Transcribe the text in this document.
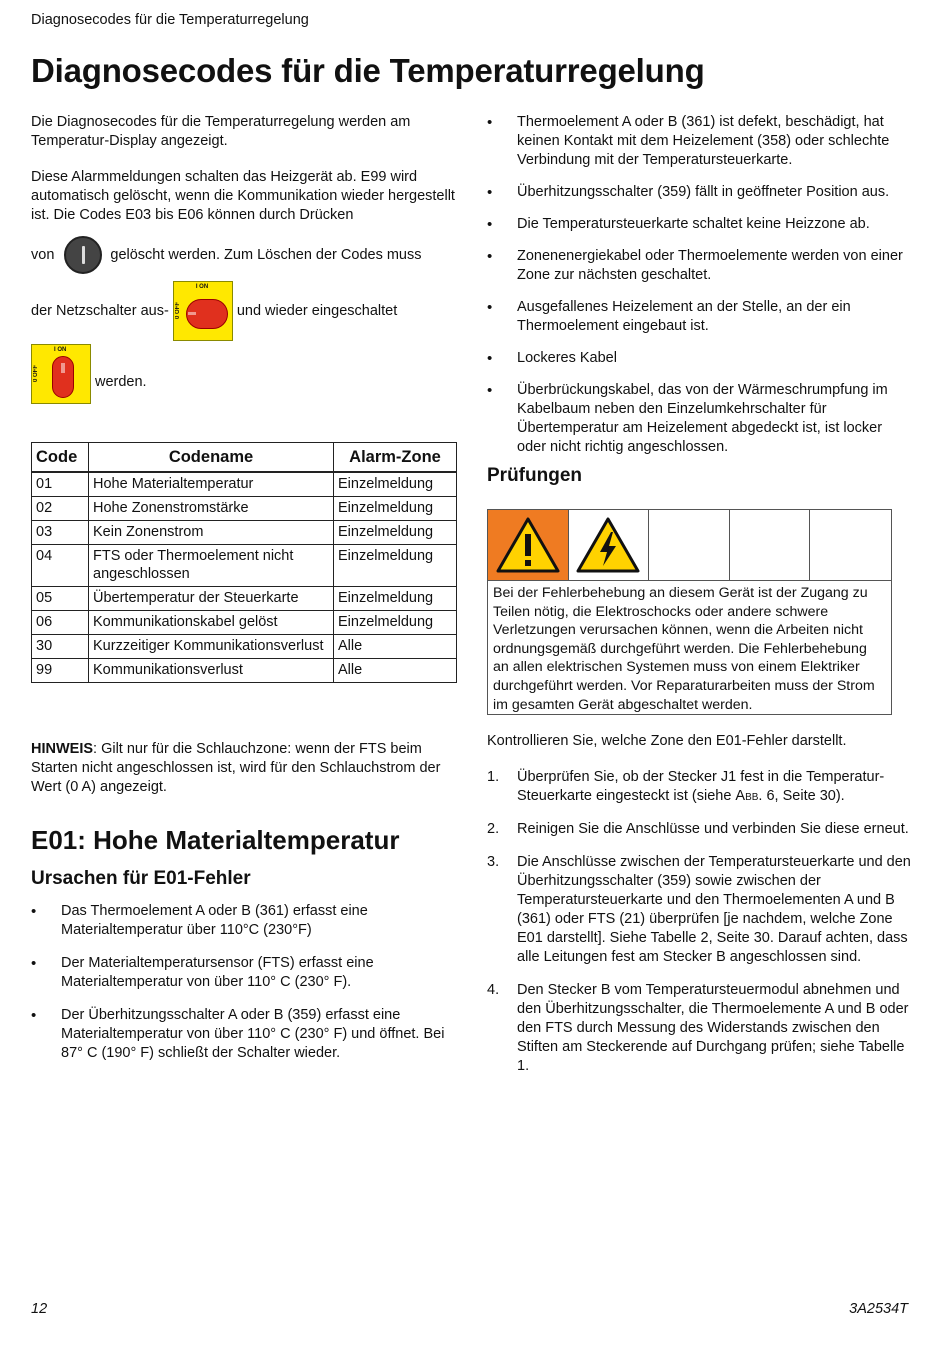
Diagnosecodes für die Temperaturregelung
Diagnosecodes für die Temperaturregelung

Die Diagnosecodes für die Temperaturregelung werden am Temperatur-Display angezeigt.

Diese Alarmmeldungen schalten das Heizgerät ab. E99 wird automatisch gelöscht, wenn die Kommunikation wieder hergestellt ist. Die Codes E03 bis E06 können durch Drücken

von	gelöscht werden. Zum Löschen der Codes muss
der Netzschalter aus-
I ON
0 OFF	und wieder eingeschaltet
I ON
0 OFF	werden.
Code	Codename	Alarm-Zone
01	Hohe Materialtemperatur	Einzelmeldung
02	Hohe Zonenstromstärke	Einzelmeldung
03	Kein Zonenstrom	Einzelmeldung
04	FTS oder Thermoelement nicht angeschlossen	Einzelmeldung
05	Übertemperatur der Steuerkarte	Einzelmeldung
06	Kommunikationskabel gelöst	Einzelmeldung
30	Kurzzeitiger Kommunikationsverlust	Alle
99	Kommunikationsverlust	Alle

HINWEIS: Gilt nur für die Schlauchzone: wenn der FTS beim Starten nicht angeschlossen ist, wird für den Schlauchstrom der Wert (0 A) angezeigt.

E01: Hohe Materialtemperatur
Ursachen für E01-Fehler
• Das Thermoelement A oder B (361) erfasst eine Materialtemperatur über 110°C (230°F)
• Der Materialtemperatursensor (FTS) erfasst eine Materialtemperatur von über 110° C (230° F).
• Der Überhitzungsschalter A oder B (359) erfasst eine Materialtemperatur von über 110° C (230° F) und öffnet. Bei 87° C (190° F) schließt der Schalter wieder.
• Thermoelement A oder B (361) ist defekt, beschädigt, hat keinen Kontakt mit dem Heizelement (358) oder schlechte Verbindung mit der Temperatursteuerkarte.
• Überhitzungsschalter (359) fällt in geöffneter Position aus.
• Die Temperatursteuerkarte schaltet keine Heizzone ab.
• Zonenenergiekabel oder Thermoelemente werden von einer Zone zur nächsten geschaltet.
• Ausgefallenes Heizelement an der Stelle, an der ein Thermoelement eingebaut ist.
• Lockeres Kabel
• Überbrückungskabel, das von der Wärmeschrumpfung im Kabelbaum neben den Einzelumkehrschalter für Übertemperatur am Heizelement abgedeckt ist, ist locker oder nicht richtig angeschlossen.
Prüfungen
Bei der Fehlerbehebung an diesem Gerät ist der Zugang zu Teilen nötig, die Elektroschocks oder andere schwere Verletzungen verursachen können, wenn die Arbeiten nicht ordnungsgemäß durchgeführt werden. Die Fehlerbehebung an allen elektrischen Systemen muss von einem Elektriker durchgeführt werden. Vor Reparaturarbeiten muss der Strom im gesamten Gerät abgeschaltet werden.

Kontrollieren Sie, welche Zone den E01-Fehler darstellt.

1. Überprüfen Sie, ob der Stecker J1 fest in die Temperatur-Steuerkarte eingesteckt ist (siehe Abb. 6, Seite 30).
2. Reinigen Sie die Anschlüsse und verbinden Sie diese erneut.
3. Die Anschlüsse zwischen der Temperatursteuerkarte und den Überhitzungsschalter (359) sowie zwischen der Temperatursteuerkarte und den Thermoelementen A und B (361) oder FTS (21) überprüfen [je nachdem, welche Zone E01 darstellt]. Siehe Tabelle 2, Seite 30. Darauf achten, dass alle Leitungen fest am Stecker B angeschlossen sind.
4. Den Stecker B vom Temperatursteuermodul abnehmen und den Überhitzungsschalter, die Thermoelemente A und B oder den FTS durch Messung des Widerstands zwischen den Stiften am Steckerende auf Durchgang prüfen; siehe Tabelle 1.
12	3A2534T
